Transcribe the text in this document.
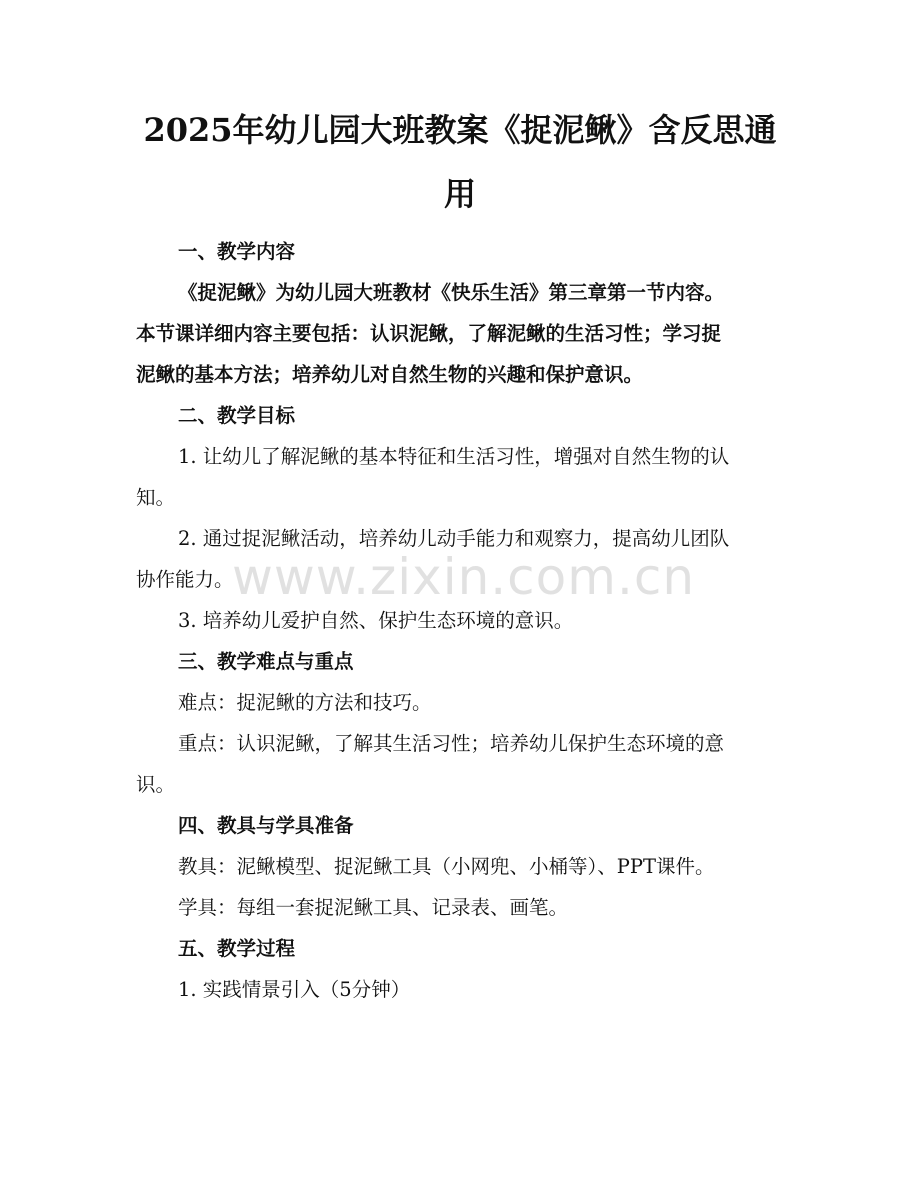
2025年幼儿园大班教案《捉泥鳅》含反思通
用
一、教学内容
《捉泥鳅》为幼儿园大班教材《快乐生活》第三章第一节内容。
本节课详细内容主要包括：认识泥鳅，了解泥鳅的生活习性；学习捉
泥鳅的基本方法；培养幼儿对自然生物的兴趣和保护意识。
二、教学目标
1. 让幼儿了解泥鳅的基本特征和生活习性，增强对自然生物的认
知。
2. 通过捉泥鳅活动，培养幼儿动手能力和观察力，提高幼儿团队
协作能力。
3. 培养幼儿爱护自然、保护生态环境的意识。
三、教学难点与重点
难点：捉泥鳅的方法和技巧。
重点：认识泥鳅，了解其生活习性；培养幼儿保护生态环境的意
识。
四、教具与学具准备
教具：泥鳅模型、捉泥鳅工具（小网兜、小桶等）、PPT课件。
学具：每组一套捉泥鳅工具、记录表、画笔。
五、教学过程
1. 实践情景引入（5分钟）
www.zixin.com.cn
